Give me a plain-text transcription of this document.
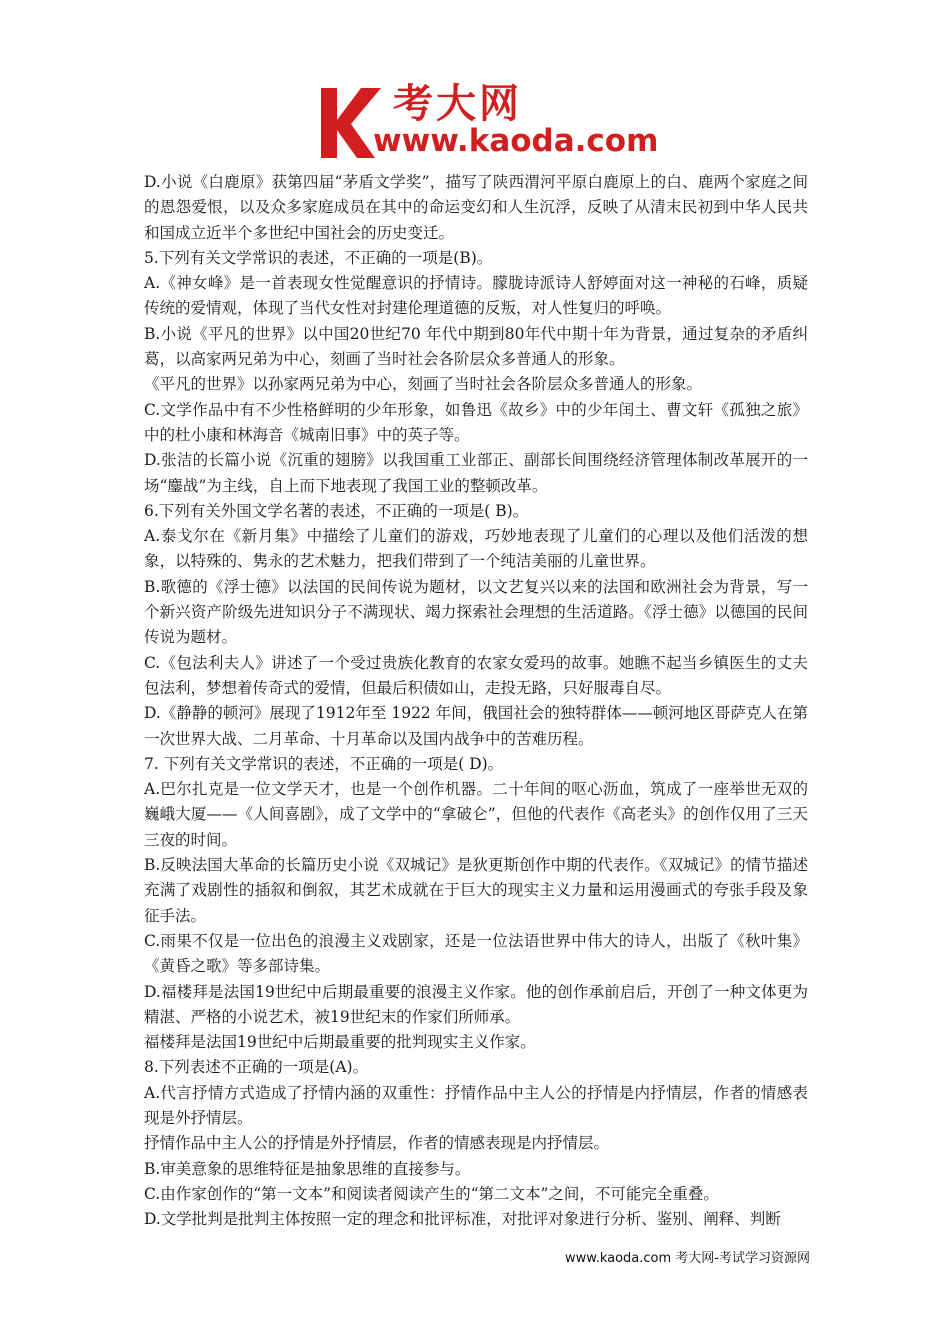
考大网
www.kaoda.com

D.小说《白鹿原》获第四届“茅盾文学奖”，描写了陕西渭河平原白鹿原上的白、鹿两个家庭之间的恩怨爱恨，以及众多家庭成员在其中的命运变幻和人生沉浮，反映了从清末民初到中华人民共和国成立近半个多世纪中国社会的历史变迁。

5.下列有关文学常识的表述，不正确的一项是(B)。

A.《神女峰》是一首表现女性觉醒意识的抒情诗。朦胧诗派诗人舒婷面对这一神秘的石峰，质疑传统的爱情观，体现了当代女性对封建伦理道德的反叛，对人性复归的呼唤。

B.小说《平凡的世界》以中国20世纪70 年代中期到80年代中期十年为背景，通过复杂的矛盾纠葛，以高家两兄弟为中心，刻画了当时社会各阶层众多普通人的形象。

《平凡的世界》以孙家两兄弟为中心，刻画了当时社会各阶层众多普通人的形象。

C.文学作品中有不少性格鲜明的少年形象，如鲁迅《故乡》中的少年闰土、曹文轩《孤独之旅》中的杜小康和林海音《城南旧事》中的英子等。

D.张洁的长篇小说《沉重的翅膀》以我国重工业部正、副部长间围绕经济管理体制改革展开的一场“鏖战”为主线，自上而下地表现了我国工业的整顿改革。

6.下列有关外国文学名著的表述，不正确的一项是( B)。

A.泰戈尔在《新月集》中描绘了儿童们的游戏，巧妙地表现了儿童们的心理以及他们活泼的想象，以特殊的、隽永的艺术魅力，把我们带到了一个纯洁美丽的儿童世界。

B.歌德的《浮士德》以法国的民间传说为题材，以文艺复兴以来的法国和欧洲社会为背景，写一个新兴资产阶级先进知识分子不满现状、竭力探索社会理想的生活道路。《浮士德》以德国的民间传说为题材。

C.《包法利夫人》讲述了一个受过贵族化教育的农家女爱玛的故事。她瞧不起当乡镇医生的丈夫包法利，梦想着传奇式的爱情，但最后积债如山，走投无路，只好服毒自尽。

D.《静静的顿河》展现了1912年至 1922 年间，俄国社会的独特群体——顿河地区哥萨克人在第一次世界大战、二月革命、十月革命以及国内战争中的苦难历程。

7. 下列有关文学常识的表述，不正确的一项是( D)。

A.巴尔扎克是一位文学天才，也是一个创作机器。二十年间的呕心沥血，筑成了一座举世无双的巍峨大厦——《人间喜剧》，成了文学中的“拿破仑”，但他的代表作《高老头》的创作仅用了三天三夜的时间。

B.反映法国大革命的长篇历史小说《双城记》是狄更斯创作中期的代表作。《双城记》的情节描述充满了戏剧性的插叙和倒叙，其艺术成就在于巨大的现实主义力量和运用漫画式的夸张手段及象征手法。

C.雨果不仅是一位出色的浪漫主义戏剧家，还是一位法语世界中伟大的诗人，出版了《秋叶集》《黄昏之歌》等多部诗集。

D.福楼拜是法国19世纪中后期最重要的浪漫主义作家。他的创作承前启后，开创了一种文体更为精湛、严格的小说艺术，被19世纪末的作家们所师承。

福楼拜是法国19世纪中后期最重要的批判现实主义作家。

8.下列表述不正确的一项是(A)。

A.代言抒情方式造成了抒情内涵的双重性：抒情作品中主人公的抒情是内抒情层，作者的情感表现是外抒情层。

抒情作品中主人公的抒情是外抒情层，作者的情感表现是内抒情层。

B.审美意象的思维特征是抽象思维的直接参与。

C.由作家创作的“第一文本”和阅读者阅读产生的“第二文本”之间，不可能完全重叠。

D.文学批判是批判主体按照一定的理念和批评标准，对批评对象进行分析、鉴别、阐释、判断

www.kaoda.com 考大网-考试学习资源网
